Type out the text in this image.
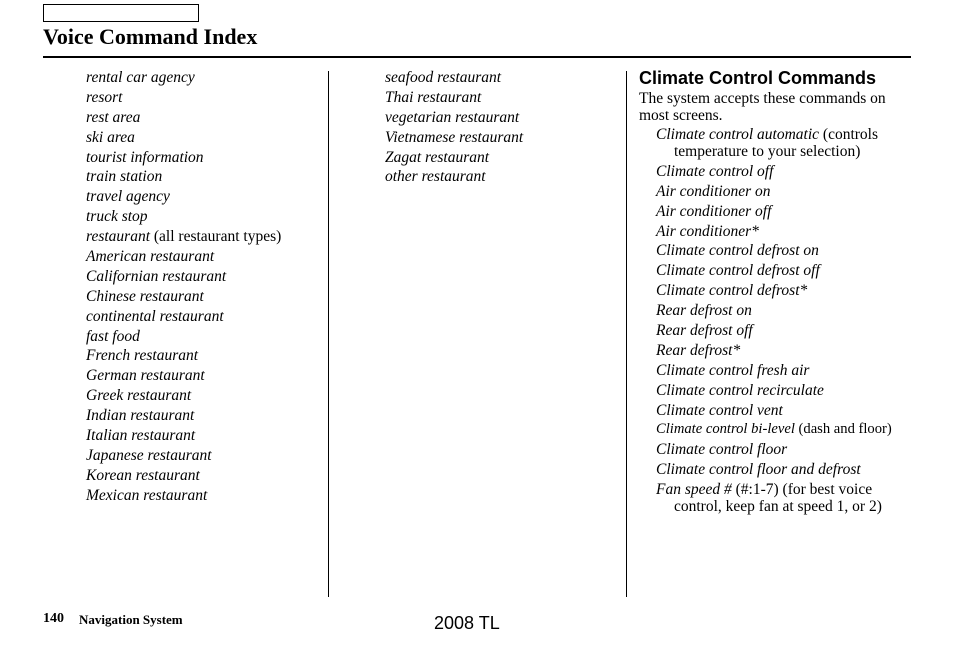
Voice Command Index
rental car agency
resort
rest area
ski area
tourist information
train station
travel agency
truck stop
restaurant (all restaurant types)
American restaurant
Californian restaurant
Chinese restaurant
continental restaurant
fast food
French restaurant
German restaurant
Greek restaurant
Indian restaurant
Italian restaurant
Japanese restaurant
Korean restaurant
Mexican restaurant
seafood restaurant
Thai restaurant
vegetarian restaurant
Vietnamese restaurant
Zagat restaurant
other restaurant
Climate Control Commands
The system accepts these commands on most screens.
Climate control automatic (controls temperature to your selection)
Climate control off
Air conditioner on
Air conditioner off
Air conditioner*
Climate control defrost on
Climate control defrost off
Climate control defrost*
Rear defrost on
Rear defrost off
Rear defrost*
Climate control fresh air
Climate control recirculate
Climate control vent
Climate control bi-level (dash and floor)
Climate control floor
Climate control floor and defrost
Fan speed # (#:1-7) (for best voice control, keep fan at speed 1, or 2)
140 Navigation System	2008 TL
